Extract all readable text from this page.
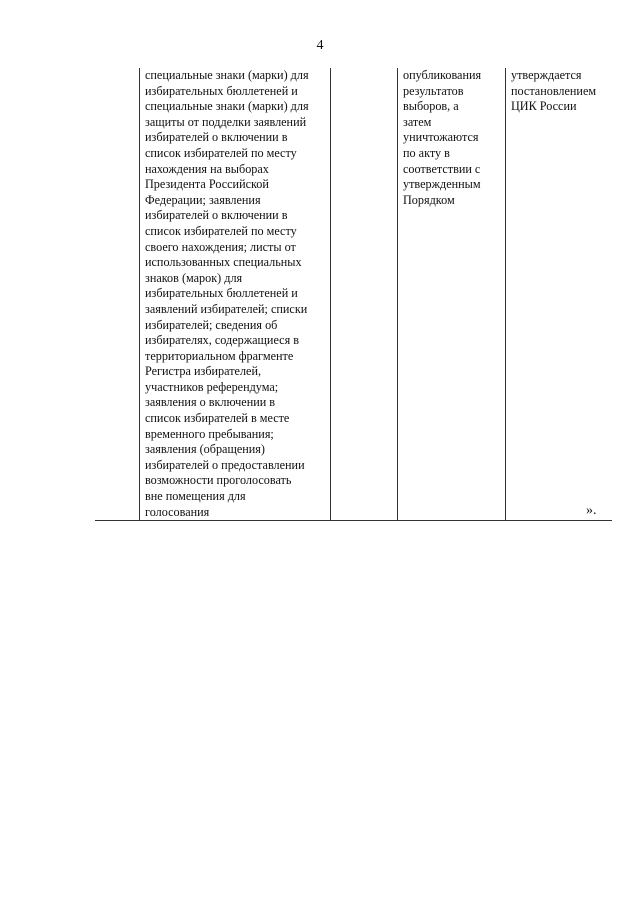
4

специальные знаки (марки) для
избирательных бюллетеней и
специальные знаки (марки) для
защиты от подделки заявлений
избирателей о включении в
список избирателей по месту
нахождения на выборах
Президента Российской
Федерации; заявления
избирателей о включении в
список избирателей по месту
своего нахождения; листы от
использованных специальных
знаков (марок) для
избирательных бюллетеней и
заявлений избирателей; списки
избирателей; сведения об
избирателях, содержащиеся в
территориальном фрагменте
Регистра избирателей,
участников референдума;
заявления о включении в
список избирателей в месте
временного пребывания;
заявления (обращения)
избирателей о предоставлении
возможности проголосовать
вне помещения для
голосования

опубликования
результатов
выборов, а
затем
уничтожаются
по акту в
соответствии с
утвержденным
Порядком

утверждается
постановлением
ЦИК России
».
